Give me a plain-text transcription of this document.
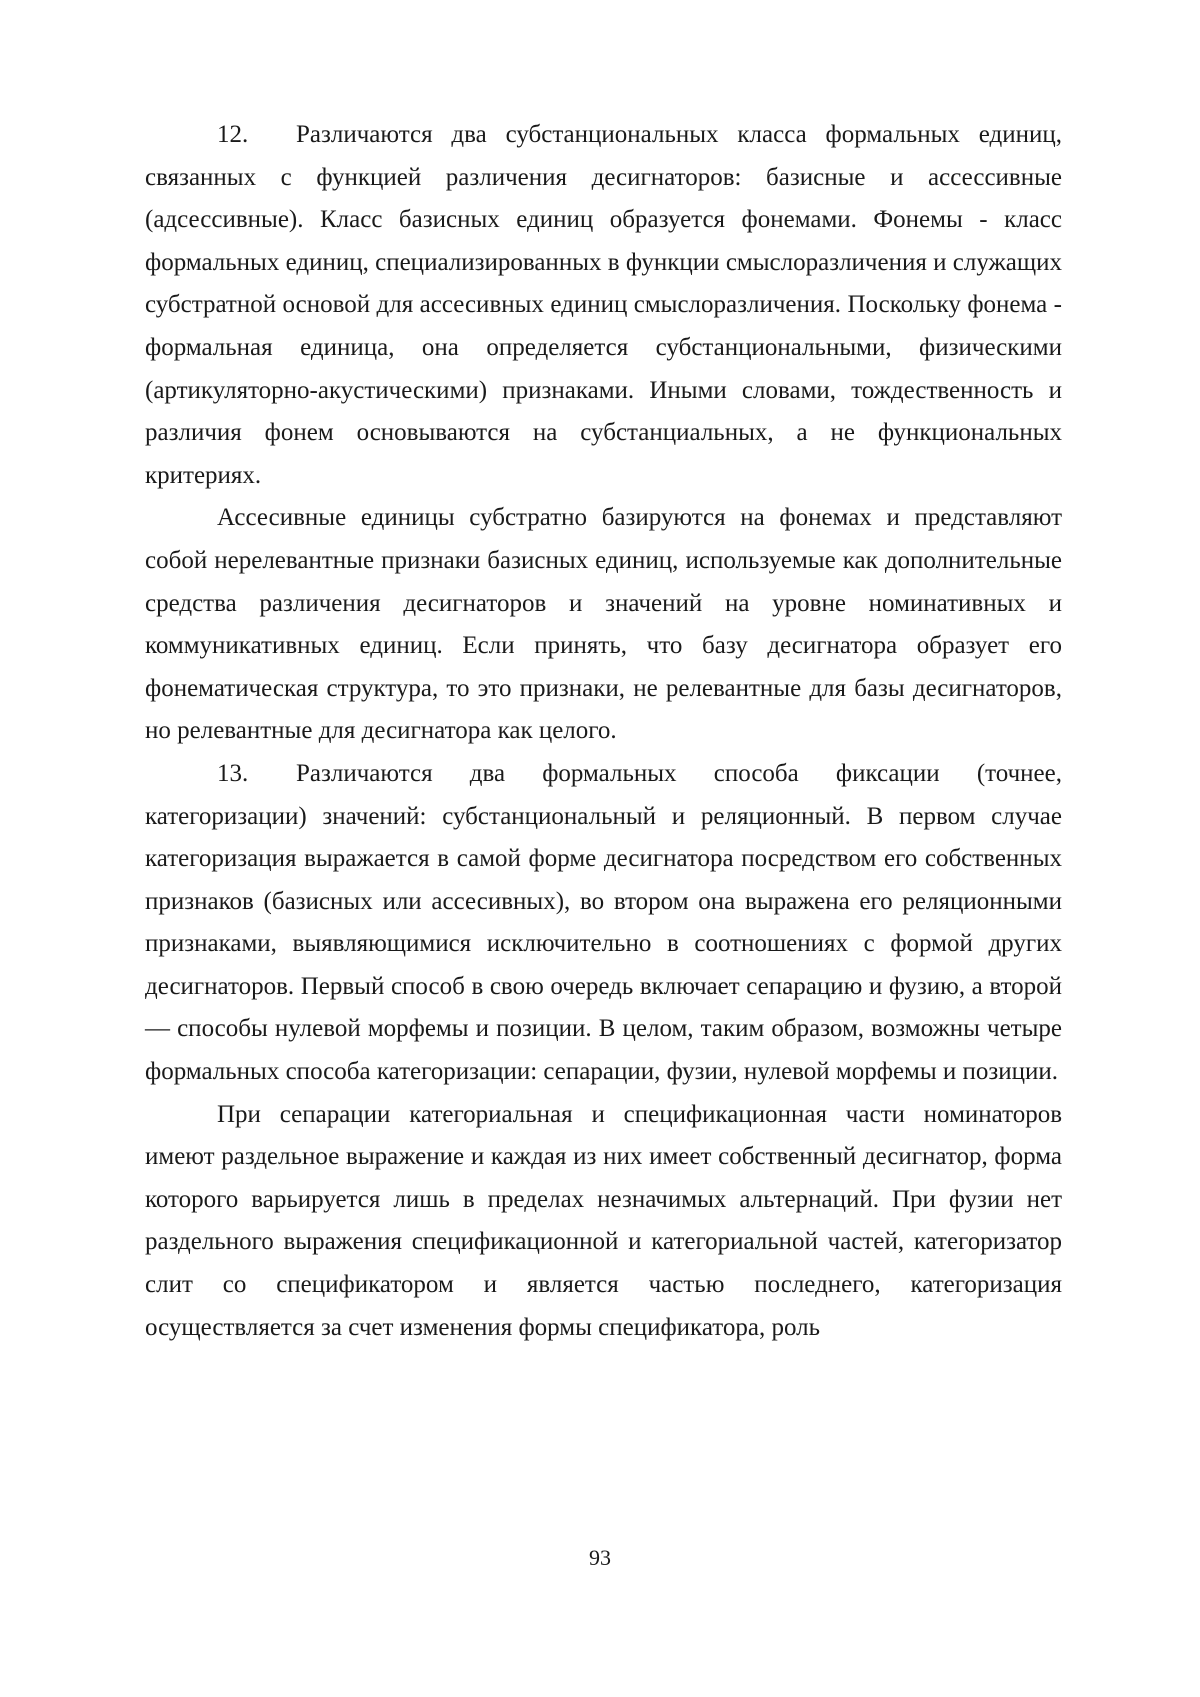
12. Различаются два субстанциональных класса формальных единиц, связанных с функцией различения десигнаторов: базисные и ассессивные (адсессивные). Класс базисных единиц образуется фонемами. Фонемы - класс формальных единиц, специализированных в функции смыслоразличения и служащих субстратной основой для ассесивных единиц смыслоразличения. Поскольку фонема - формальная единица, она определяется субстанциональными, физическими (артикуляторно-акустическими) признаками. Иными словами, тождественность и различия фонем основываются на субстанциальных, а не функциональных критериях.

Ассесивные единицы субстратно базируются на фонемах и представляют собой нерелевантные признаки базисных единиц, используемые как дополнительные средства различения десигнаторов и значений на уровне номинативных и коммуникативных единиц. Если принять, что базу десигнатора образует его фонематическая структура, то это признаки, не релевантные для базы десигнаторов, но релевантные для десигнатора как целого.

13. Различаются два формальных способа фиксации (точнее, категоризации) значений: субстанциональный и реляционный. В первом случае категоризация выражается в самой форме десигнатора посредством его собственных признаков (базисных или ассесивных), во втором она выражена его реляционными признаками, выявляющимися исключительно в соотношениях с формой других десигнаторов. Первый способ в свою очередь включает сепарацию и фузию, а второй — способы нулевой морфемы и позиции. В целом, таким образом, возможны четыре формальных способа категоризации: сепарации, фузии, нулевой морфемы и позиции.

При сепарации категориальная и спецификационная части номинаторов имеют раздельное выражение и каждая из них имеет собственный десигнатор, форма которого варьируется лишь в пределах незначимых альтернаций. При фузии нет раздельного выражения спецификационной и категориальной частей, категоризатор слит со спецификатором и является частью последнего, категоризация осуществляется за счет изменения формы спецификатора, роль

93
